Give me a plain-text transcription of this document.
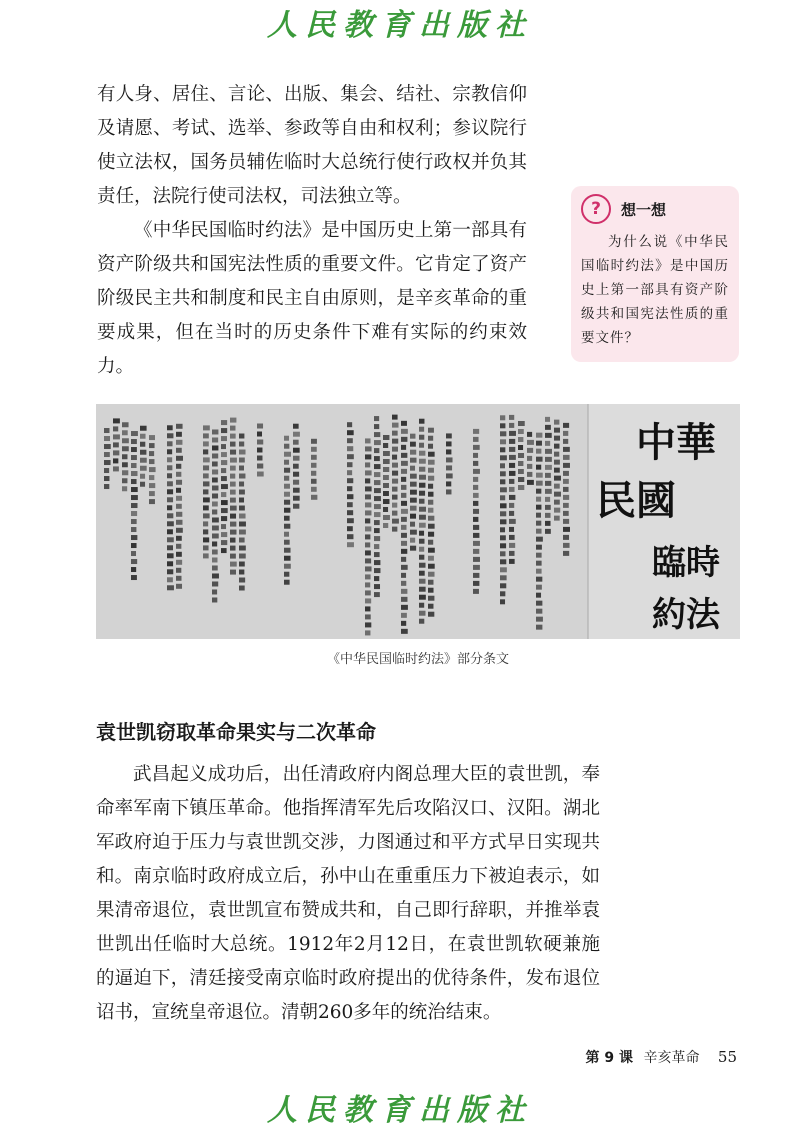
人民教育出版社

有人身、居住、言论、出版、集会、结社、宗教信仰及请愿、考试、选举、参政等自由和权利；参议院行使立法权，国务员辅佐临时大总统行使行政权并负其责任，法院行使司法权，司法独立等。

《中华民国临时约法》是中国历史上第一部具有资产阶级共和国宪法性质的重要文件。它肯定了资产阶级民主共和制度和民主自由原则，是辛亥革命的重要成果，但在当时的历史条件下难有实际的约束效力。

?	想一想

为什么说《中华民国临时约法》是中国历史上第一部具有资产阶级共和国宪法性质的重要文件？

中華
民國
臨時
約法
《中华民国临时约法》部分条文
袁世凯窃取革命果实与二次革命

武昌起义成功后，出任清政府内阁总理大臣的袁世凯，奉命率军南下镇压革命。他指挥清军先后攻陷汉口、汉阳。湖北军政府迫于压力与袁世凯交涉，力图通过和平方式早日实现共和。南京临时政府成立后，孙中山在重重压力下被迫表示，如果清帝退位，袁世凯宣布赞成共和，自己即行辞职，并推举袁世凯出任临时大总统。1912年2月12日，在袁世凯软硬兼施的逼迫下，清廷接受南京临时政府提出的优待条件，发布退位诏书，宣统皇帝退位。清朝260多年的统治结束。

第 9 课 辛亥革命 55
人民教育出版社
